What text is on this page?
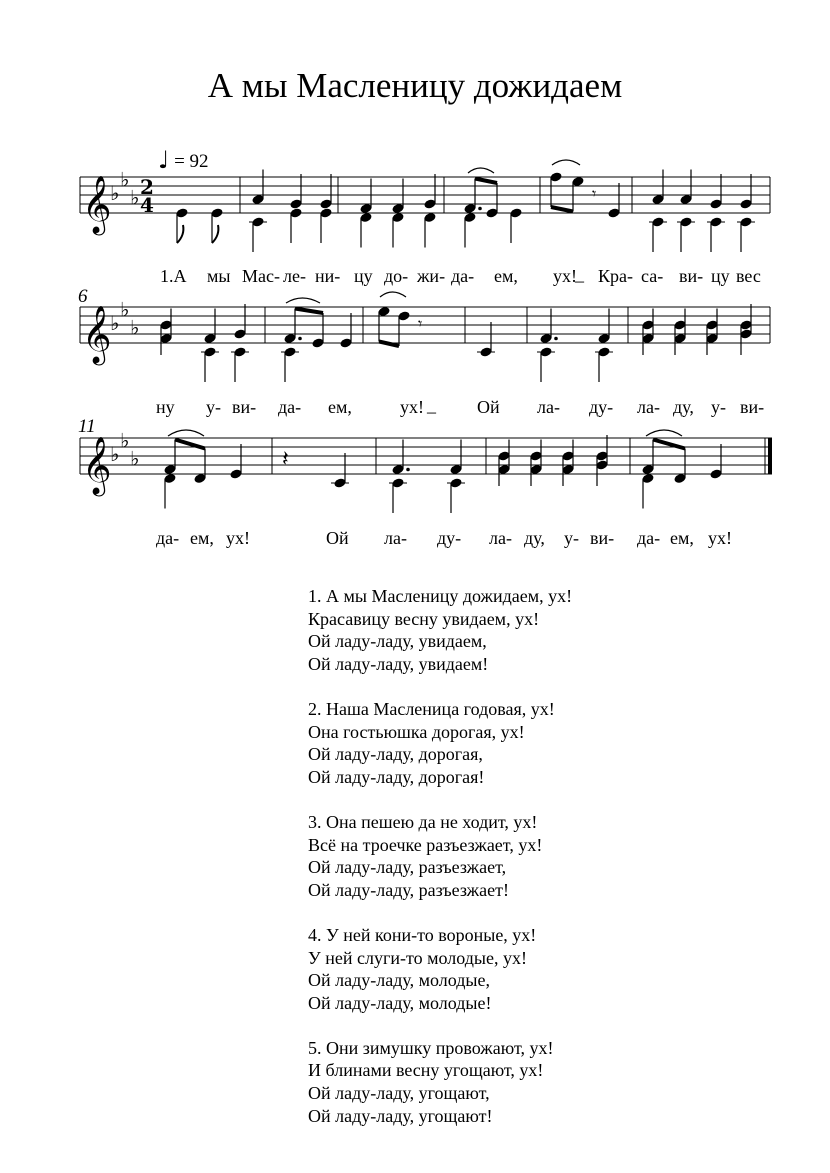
А мы Масленицу дожидаем
♩ = 92
6
11
𝄞
♭
♭
♭ 2
4
𝄞
♭
♭
♭
𝄞
♭
♭
♭
𝄾
𝄾
𝄽
1.А мы Мас- ле- ни- цу до- жи- да- ем, ух!
_ Кра- са- ви- цу вес
ну у- ви- да- ем,	ух! _ Ой ла- ду- ла- ду, у- ви-
да- ем, ух!	Ой ла- ду- ла- ду, у- ви- да- ем, ух!
1. А мы Масленицу дожидаем, ух!
Красавицу весну увидаем, ух!
Ой ладу-ладу, увидаем,
Ой ладу-ладу, увидаем!
2. Наша Масленица годовая, ух!
Она гостьюшка дорогая, ух!
Ой ладу-ладу, дорогая,
Ой ладу-ладу, дорогая!
3. Она пешею да не ходит, ух!
Всё на троечке разъезжает, ух!
Ой ладу-ладу, разъезжает,
Ой ладу-ладу, разъезжает!
4. У ней кони-то вороные, ух!
У ней слуги-то молодые, ух!
Ой ладу-ладу, молодые,
Ой ладу-ладу, молодые!
5. Они зимушку провожают, ух!
И блинами весну угощают, ух!
Ой ладу-ладу, угощают,
Ой ладу-ладу, угощают!
